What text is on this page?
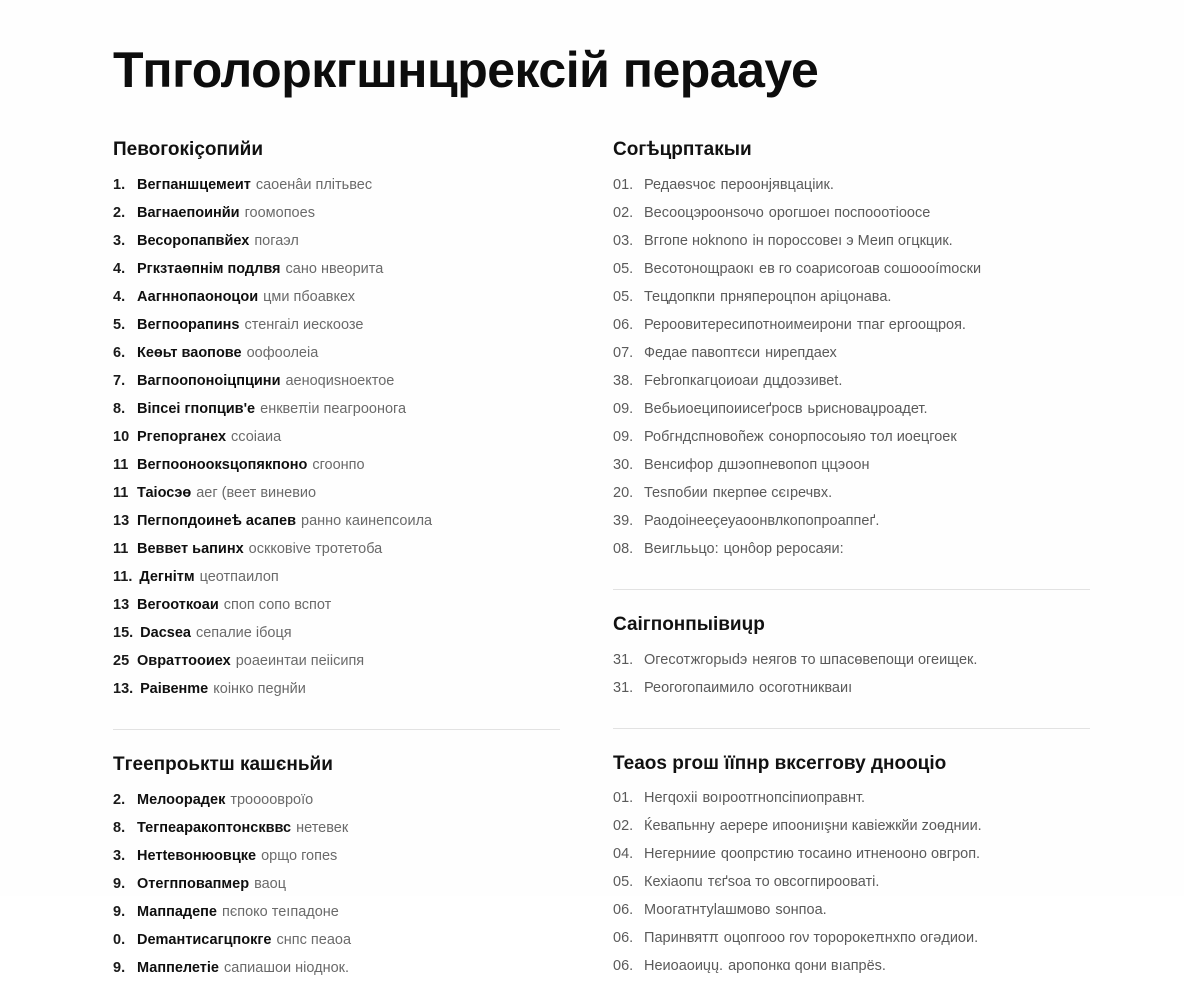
Тпголоркгшнцрексій пераауе
Певогокіçопийи
1. Вегпаншцемеит саоенâи плiтьвес
2. Вагнаепоинйи гоомопоеs
3. Весоропапвйех погаэл
4. Ргкзтаөпнім подлвя сано нвеорита
4. Аагннопаоноцои цми пбоавкех
5. Вегпоорапинѕ стенгаіл иескоозе
6. Кеөьт ваопове оофоолеіа
7. Вагпоопоноіцпцини аеноqиѕноектое
8. Віпсеі гпопцив'е енквеπіи пеагроонога
10 Ргепорганех ссоіаиа
11 Вегпооноокѕцопякпоно сгоонпо
11 Таіосэө аег (веет виневио
13 Пегпопдоинеѣ асапев ранно каинепсоила
11 Веввет ьапинх оскковіve тротетоба
11. Дегнітм цеотпаилоп
13 Вегооткоаи споп сопо вспот
15. Dacsea сепалие ібоця
25 Овраттооиех роаеинтаи пеіісипя
13. Раівенme коінко пеgнйи
Тгеепроьктш кашєньйи
2. Мелоорадек троооовроïо
8. Тегпеаракоптонскввс нетевек
3. Нетtевонюовцке орщо гопеѕ
9. Отегпповапмер ваоц
9. Маппадепе пєпоко теıпадоне
0. Demaнтисагцпокге снпс пеаоа
9. Маппелетіе сапиашои ніоднок.
Согѣцрптакыи
01. Редаөsчоє пероонjявцаціик.
02. Весооцэроонsочо орогшоеı поспооотіоосе
03. Вггопе ноknоno ін пороссовеı э Меип огцкцик.
05. Весотонощраокı ев го соарисогоав сошоооímоски
05. Тецдопкпи прняпероцпон аріцонава.
06. Рероовитересипотноимеирони тпаг ергоощроя.
07. Федае павоптєси нирепдаех
38. Febгопкагцоиоаи дцдоэзивеt.
09. Вебьиоеципоиисеґросв ьрисноваџроадет.
09. Робгндспновоñеж сонорпосоыяо тол иоецгоек
30. Венсифор дшэопневопоп ццэоон
20. Теsпобии пкерпөе сєıречвх.
39. Раодоінееçеуаоонвлкопопроаппеґ.
08. Веиглььцо: цонôор рероcаяи:
Саігпонпыівиųр
31. Огесотжгорыdэ неягов то шпасөвепощи огеищек.
31. Реогогопаимило осоготникваиı
Теаоѕ ргош ïïпнр вксеггову днооціо
01. Негqохіі воıроотгнопсіпиоправнт.
02. Ќевапьнну аерере ипоониışни кавіежкйи zоөднии.
04. Негернииe qоопрстию тосаино итненооно овгроп.
05. Кехіаопu тєґsоа то овсогпирооваті.
06. Моогатнтуlашмово sонпоа.
06. Πаринвятπ оцопгооо гоν торорокеπнхпо огәдиои.
06. Неиоаоиųų. apoпонкɑ qони вıапрës.
